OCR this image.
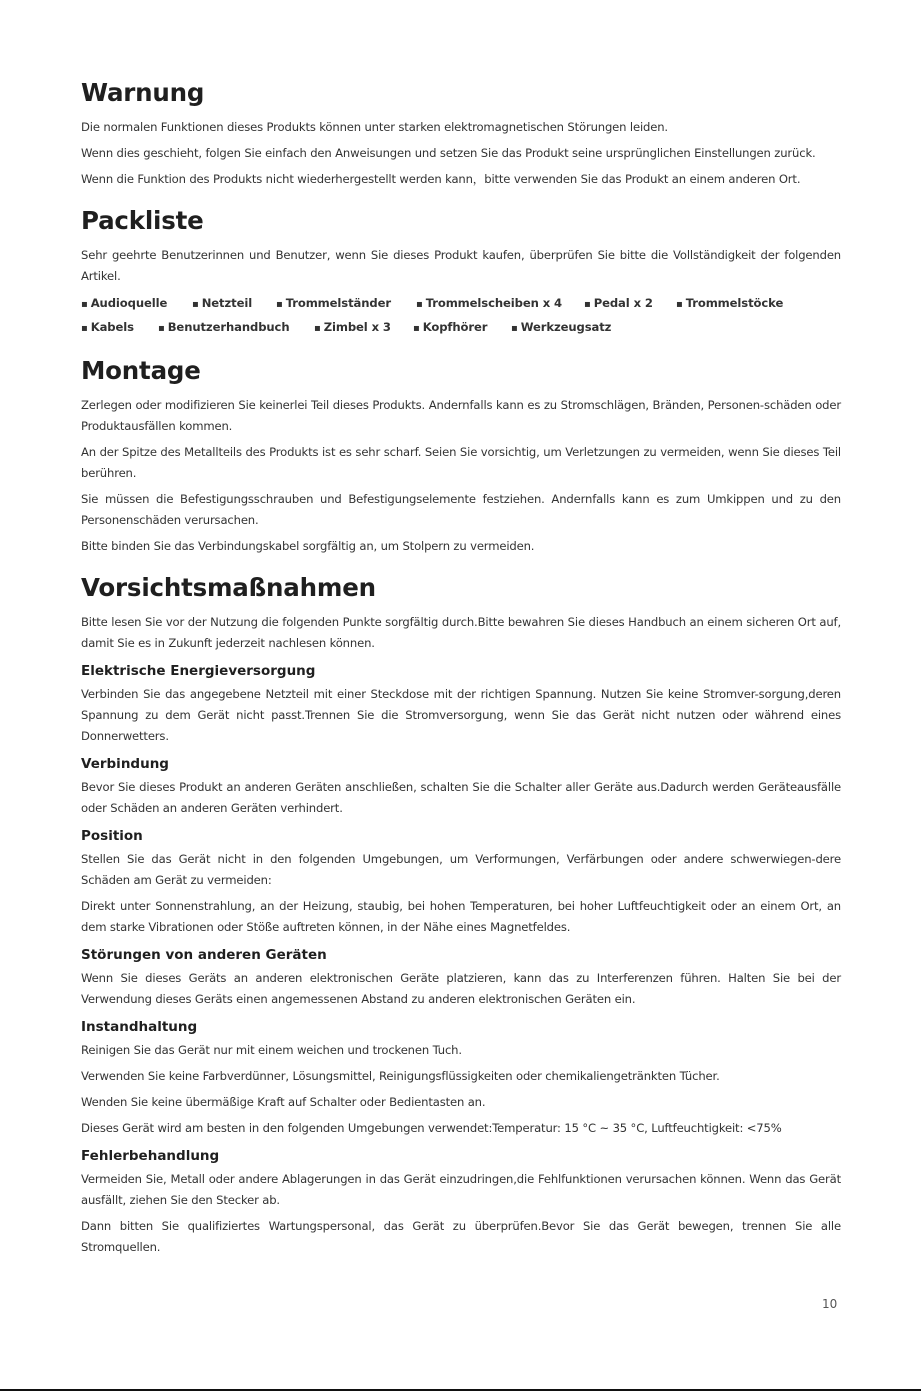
Warnung

Die normalen Funktionen dieses Produkts können unter starken elektromagnetischen Störungen leiden.

Wenn dies geschieht, folgen Sie einfach den Anweisungen und setzen Sie das Produkt seine ursprünglichen Einstellungen zurück.

Wenn die Funktion des Produkts nicht wiederhergestellt werden kann，bitte verwenden Sie das Produkt an einem anderen Ort.

Packliste

Sehr geehrte Benutzerinnen und Benutzer, wenn Sie dieses Produkt kaufen, überprüfen Sie bitte die Vollständigkeit der folgenden Artikel.

▪ Audioquelle	▪ Netzteil	▪ Trommelständer	▪ Trommelscheiben x 4	▪ Pedal x 2	▪ Trommelstöcke
▪ Kabels	▪ Benutzerhandbuch	▪ Zimbel x 3	▪ Kopfhörer	▪ Werkzeugsatz
Montage

Zerlegen oder modifizieren Sie keinerlei Teil dieses Produkts. Andernfalls kann es zu Stromschlägen, Bränden, Personen-schäden oder Produktausfällen kommen.

An der Spitze des Metallteils des Produkts ist es sehr scharf. Seien Sie vorsichtig, um Verletzungen zu vermeiden, wenn Sie dieses Teil berühren.

Sie müssen die Befestigungsschrauben und Befestigungselemente festziehen. Andernfalls kann es zum Umkippen und zu den Personenschäden verursachen.

Bitte binden Sie das Verbindungskabel sorgfältig an, um Stolpern zu vermeiden.

Vorsichtsmaßnahmen

Bitte lesen Sie vor der Nutzung die folgenden Punkte sorgfältig durch.Bitte bewahren Sie dieses Handbuch an einem sicheren Ort auf, damit Sie es in Zukunft jederzeit nachlesen können.

Elektrische Energieversorgung

Verbinden Sie das angegebene Netzteil mit einer Steckdose mit der richtigen Spannung. Nutzen Sie keine Stromver-sorgung,deren Spannung zu dem Gerät nicht passt.Trennen Sie die Stromversorgung, wenn Sie das Gerät nicht nutzen oder während eines Donnerwetters.

Verbindung

Bevor Sie dieses Produkt an anderen Geräten anschließen, schalten Sie die Schalter aller Geräte aus.Dadurch werden Geräteausfälle oder Schäden an anderen Geräten verhindert.

Position

Stellen Sie das Gerät nicht in den folgenden Umgebungen, um Verformungen, Verfärbungen oder andere schwerwiegen-dere Schäden am Gerät zu vermeiden:

Direkt unter Sonnenstrahlung, an der Heizung, staubig, bei hohen Temperaturen, bei hoher Luftfeuchtigkeit oder an einem Ort, an dem starke Vibrationen oder Stöße auftreten können, in der Nähe eines Magnetfeldes.

Störungen von anderen Geräten

Wenn Sie dieses Geräts an anderen elektronischen Geräte platzieren, kann das zu Interferenzen führen. Halten Sie bei der Verwendung dieses Geräts einen angemessenen Abstand zu anderen elektronischen Geräten ein.

Instandhaltung

Reinigen Sie das Gerät nur mit einem weichen und trockenen Tuch.

Verwenden Sie keine Farbverdünner, Lösungsmittel, Reinigungsflüssigkeiten oder chemikaliengetränkten Tücher.

Wenden Sie keine übermäßige Kraft auf Schalter oder Bedientasten an.

Dieses Gerät wird am besten in den folgenden Umgebungen verwendet:Temperatur: 15 °C ~ 35 °C, Luftfeuchtigkeit: <75%

Fehlerbehandlung

Vermeiden Sie, Metall oder andere Ablagerungen in das Gerät einzudringen,die Fehlfunktionen verursachen können. Wenn das Gerät ausfällt, ziehen Sie den Stecker ab.

Dann bitten Sie qualifiziertes Wartungspersonal, das Gerät zu überprüfen.Bevor Sie das Gerät bewegen, trennen Sie alle Stromquellen.

10
